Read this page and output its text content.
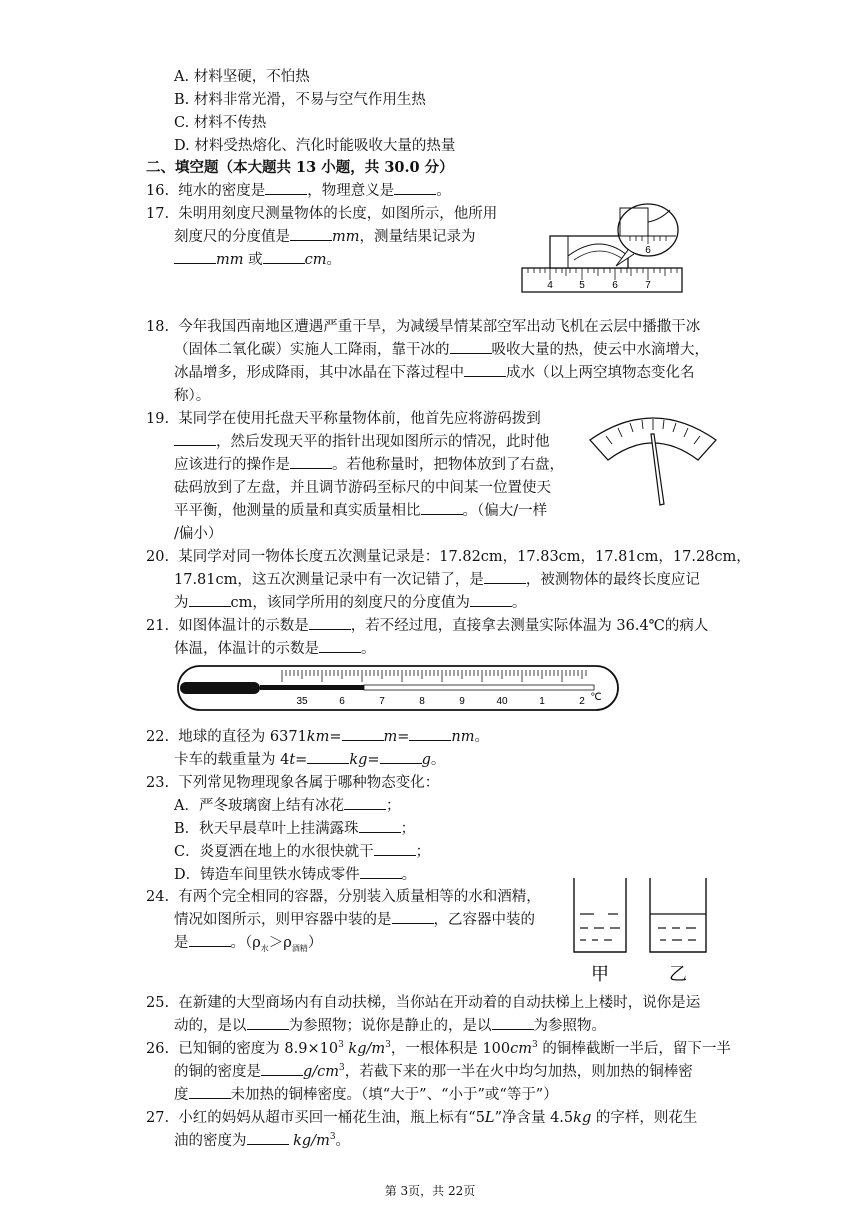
A. 材料坚硬，不怕热
B. 材料非常光滑，不易与空气作用生热
C. 材料不传热
D. 材料受热熔化、汽化时能吸收大量的热量
二、填空题（本大题共 13 小题，共 30.0 分）
16. 纯水的密度是	，物理意义是	。
17. 朱明用刻度尺测量物体的长度，如图所示，他所用
刻度尺的分度值是	mm，测量结果记录为
mm 或	cm。
6
4	5	6	7
18. 今年我国西南地区遭遇严重干旱，为减缓旱情某部空军出动飞机在云层中播撒干冰
（固体二氧化碳）实施人工降雨，靠干冰的	吸收大量的热，使云中水滴增大，
冰晶增多，形成降雨，其中冰晶在下落过程中	成水（以上两空填物态变化名
称）。
19. 某同学在使用托盘天平称量物体前，他首先应将游码拨到
，然后发现天平的指针出现如图所示的情况，此时他
应该进行的操作是	。若他称量时，把物体放到了右盘，
砝码放到了左盘，并且调节游码至标尺的中间某一位置使天
平平衡，他测量的质量和真实质量相比	。（偏大/一样
/偏小）
20. 某同学对同一物体长度五次测量记录是：17.82cm，17.83cm，17.81cm，17.28cm，
17.81cm，这五次测量记录中有一次记错了，是	，被测物体的最终长度应记
为	cm，该同学所用的刻度尺的分度值为	。
21. 如图体温计的示数是	，若不经过甩，直接拿去测量实际体温为 36.4℃的病人
体温，体温计的示数是	。
35	6	7	8	9	40	1	2 ℃
22. 地球的直径为 6371km=	m=	nm。
卡车的载重量为 4t=	kg=	g。
23. 下列常见物理现象各属于哪种物态变化：
A．严冬玻璃窗上结有冰花	；
B．秋天早晨草叶上挂满露珠	；
C．炎夏洒在地上的水很快就干	；
D．铸造车间里铁水铸成零件	。
24. 有两个完全相同的容器，分别装入质量相等的水和酒精，
情况如图所示，则甲容器中装的是	，乙容器中装的
是	。$(\rho_水>\rho_{酒精})$
甲	乙
25. 在新建的大型商场内有自动扶梯，当你站在开动着的自动扶梯上上楼时，说你是运
动的，是以	为参照物；说你是静止的，是以	为参照物。
26. 已知铜的密度为 $8.9\times 10^3$ $kg/m^3$，一根体积是 $100cm^3$ 的铜棒截断一半后，留下一半
的铜的密度是	$g/cm^3$，若截下来的那一半在火中均匀加热，则加热的铜棒密
度	未加热的铜棒密度。（填“大于”、“小于”或“等于”）
27. 小红的妈妈从超市买回一桶花生油，瓶上标有“5L”净含量 4.5kg 的字样，则花生
油的密度为	$kg/m^3$。
第 3页，共 22页
